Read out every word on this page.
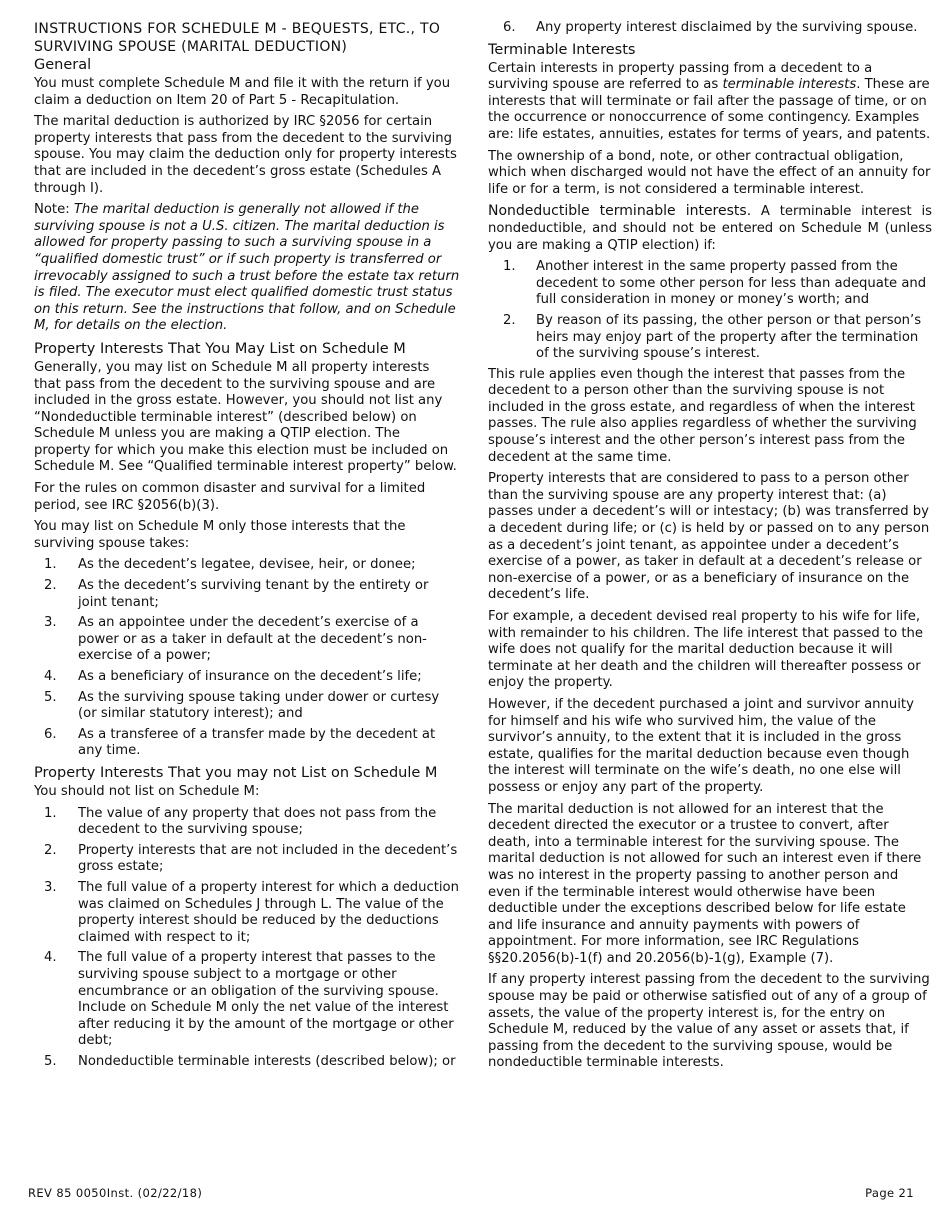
INSTRUCTIONS FOR SCHEDULE M - BEQUESTS, ETC., TO SURVIVING SPOUSE (MARITAL DEDUCTION)
General

You must complete Schedule M and file it with the return if you claim a deduction on Item 20 of Part 5 - Recapitulation.

The marital deduction is authorized by IRC §2056 for certain property interests that pass from the decedent to the surviving spouse. You may claim the deduction only for property interests that are included in the decedent’s gross estate (Schedules A through I).

Note: The marital deduction is generally not allowed if the surviving spouse is not a U.S. citizen. The marital deduction is allowed for property passing to such a surviving spouse in a “qualified domestic trust” or if such property is transferred or irrevocably assigned to such a trust before the estate tax return is filed. The executor must elect qualified domestic trust status on this return. See the instructions that follow, and on Schedule M, for details on the election.

Property Interests That You May List on Schedule M

Generally, you may list on Schedule M all property interests that pass from the decedent to the surviving spouse and are included in the gross estate. However, you should not list any “Nondeductible terminable interest” (described below) on Schedule M unless you are making a QTIP election. The property for which you make this election must be included on Schedule M. See “Qualified terminable interest property” below.

For the rules on common disaster and survival for a limited period, see IRC §2056(b)(3).

You may list on Schedule M only those interests that the surviving spouse takes:

1. As the decedent’s legatee, devisee, heir, or donee;
2. As the decedent’s surviving tenant by the entirety or joint tenant;
3. As an appointee under the decedent’s exercise of a power or as a taker in default at the decedent’s non-exercise of a power;
4. As a beneficiary of insurance on the decedent’s life;
5. As the surviving spouse taking under dower or curtesy (or similar statutory interest); and
6. As a transferee of a transfer made by the decedent at any time.
Property Interests That you may not List on Schedule M

You should not list on Schedule M:

1. The value of any property that does not pass from the decedent to the surviving spouse;
2. Property interests that are not included in the decedent’s gross estate;
3. The full value of a property interest for which a deduction was claimed on Schedules J through L. The value of the property interest should be reduced by the deductions claimed with respect to it;
4. The full value of a property interest that passes to the surviving spouse subject to a mortgage or other encumbrance or an obligation of the surviving spouse. Include on Schedule M only the net value of the interest after reducing it by the amount of the mortgage or other debt;
5. Nondeductible terminable interests (described below); or
6. Any property interest disclaimed by the surviving spouse.
Terminable Interests

Certain interests in property passing from a decedent to a surviving spouse are referred to as terminable interests. These are interests that will terminate or fail after the passage of time, or on the occurrence or nonoccurrence of some contingency. Examples are: life estates, annuities, estates for terms of years, and patents.

The ownership of a bond, note, or other contractual obligation, which when discharged would not have the effect of an annuity for life or for a term, is not considered a terminable interest.

Nondeductible terminable interests. A terminable interest is nondeductible, and should not be entered on Schedule M (unless you are making a QTIP election) if:

1. Another interest in the same property passed from the decedent to some other person for less than adequate and full consideration in money or money’s worth; and
2. By reason of its passing, the other person or that person’s heirs may enjoy part of the property after the termination of the surviving spouse’s interest.

This rule applies even though the interest that passes from the decedent to a person other than the surviving spouse is not included in the gross estate, and regardless of when the interest passes. The rule also applies regardless of whether the surviving spouse’s interest and the other person’s interest pass from the decedent at the same time.

Property interests that are considered to pass to a person other than the surviving spouse are any property interest that: (a) passes under a decedent’s will or intestacy; (b) was transferred by a decedent during life; or (c) is held by or passed on to any person as a decedent’s joint tenant, as appointee under a decedent’s exercise of a power, as taker in default at a decedent’s release or non-exercise of a power, or as a beneficiary of insurance on the decedent’s life.

For example, a decedent devised real property to his wife for life, with remainder to his children. The life interest that passed to the wife does not qualify for the marital deduction because it will terminate at her death and the children will thereafter possess or enjoy the property.

However, if the decedent purchased a joint and survivor annuity for himself and his wife who survived him, the value of the survivor’s annuity, to the extent that it is included in the gross estate, qualifies for the marital deduction because even though the interest will terminate on the wife’s death, no one else will possess or enjoy any part of the property.

The marital deduction is not allowed for an interest that the decedent directed the executor or a trustee to convert, after death, into a terminable interest for the surviving spouse. The marital deduction is not allowed for such an interest even if there was no interest in the property passing to another person and even if the terminable interest would otherwise have been deductible under the exceptions described below for life estate and life insurance and annuity payments with powers of appointment. For more information, see IRC Regulations §§20.2056(b)-1(f) and 20.2056(b)-1(g), Example (7).

If any property interest passing from the decedent to the surviving spouse may be paid or otherwise satisfied out of any of a group of assets, the value of the property interest is, for the entry on Schedule M, reduced by the value of any asset or assets that, if passing from the decedent to the surviving spouse, would be nondeductible terminable interests.

REV 85 0050Inst. (02/22/18)	Page 21
